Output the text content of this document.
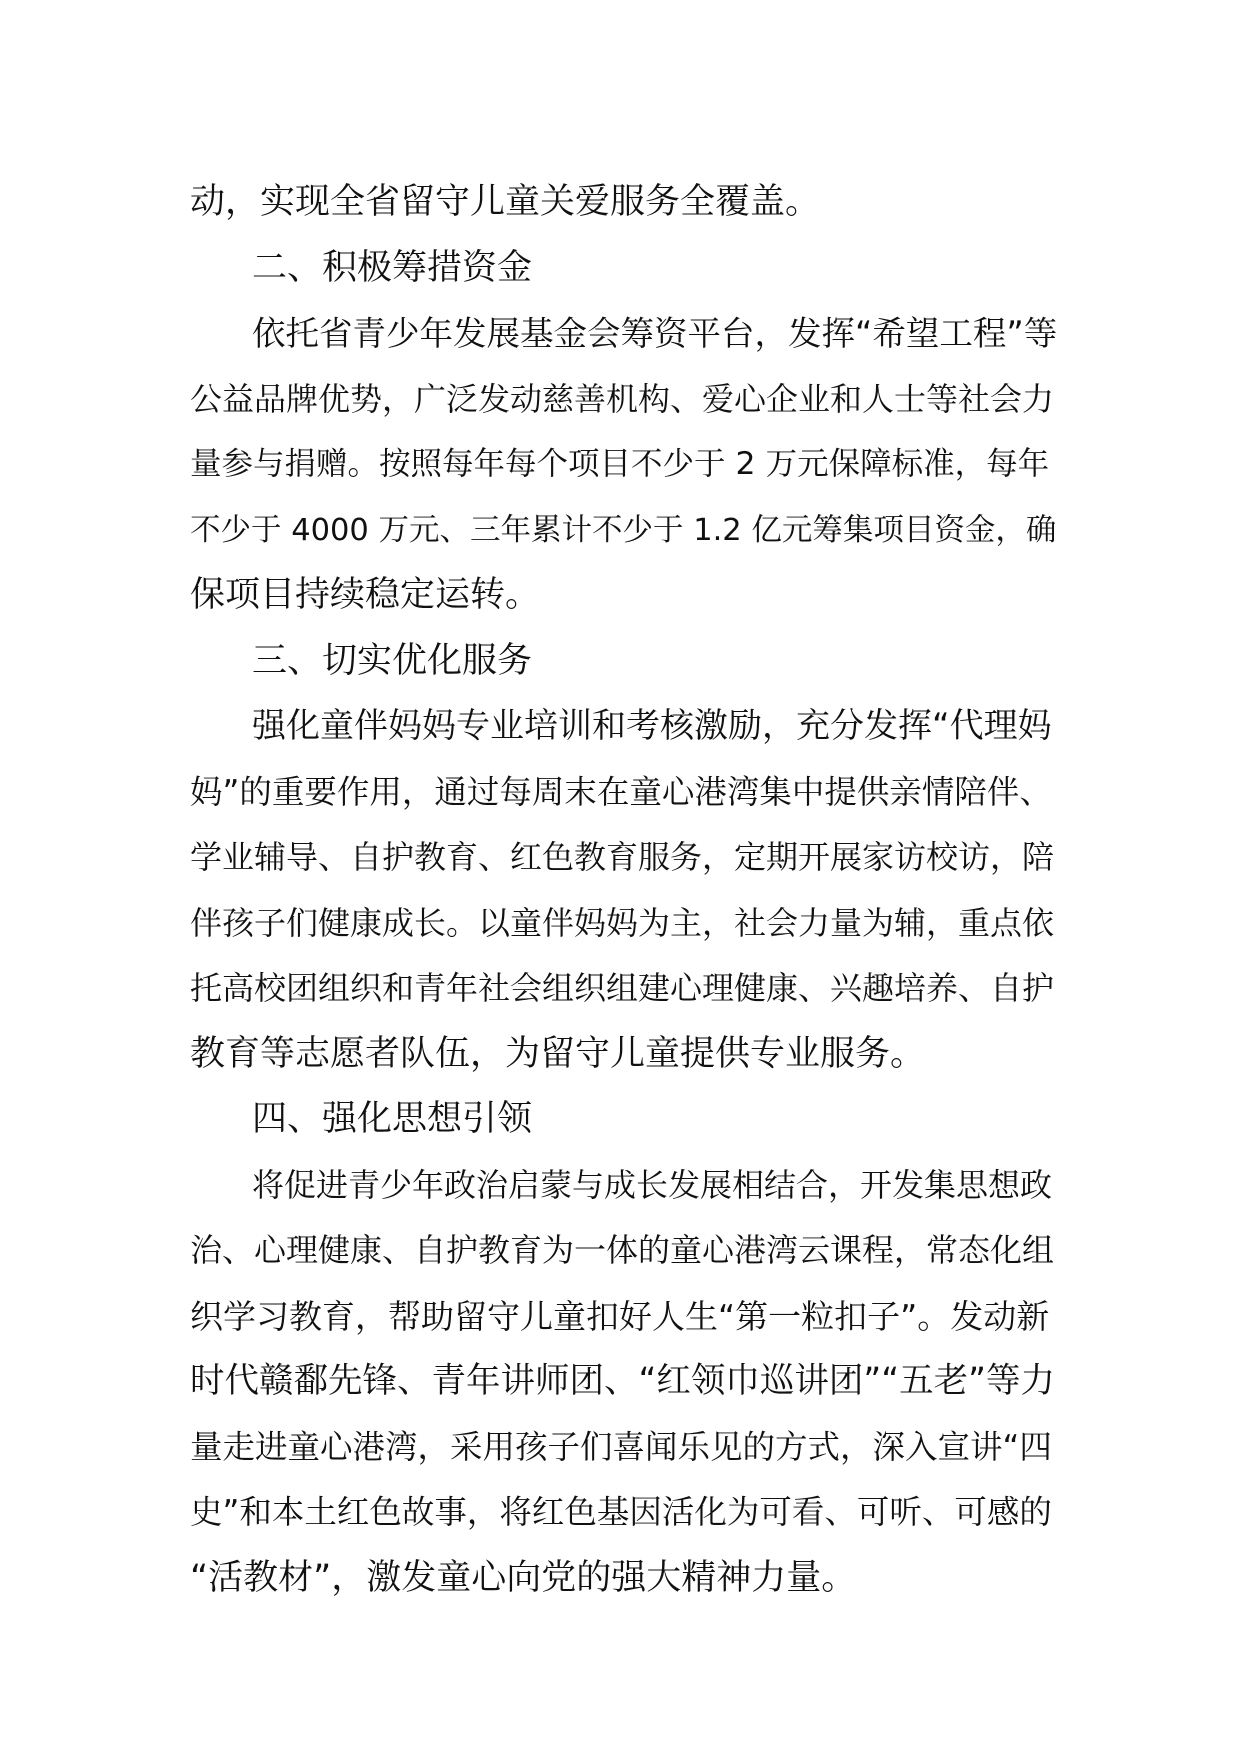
动，实现全省留守儿童关爱服务全覆盖。
二、积极筹措资金
依托省青少年发展基金会筹资平台，发挥“希望工程”等
公益品牌优势，广泛发动慈善机构、爱心企业和人士等社会力
量参与捐赠。按照每年每个项目不少于 2 万元保障标准，每年
不少于 4000 万元、三年累计不少于 1.2 亿元筹集项目资金，确
保项目持续稳定运转。
三、切实优化服务
强化童伴妈妈专业培训和考核激励，充分发挥“代理妈
妈”的重要作用，通过每周末在童心港湾集中提供亲情陪伴、
学业辅导、自护教育、红色教育服务，定期开展家访校访，陪
伴孩子们健康成长。以童伴妈妈为主，社会力量为辅，重点依
托高校团组织和青年社会组织组建心理健康、兴趣培养、自护
教育等志愿者队伍，为留守儿童提供专业服务。
四、强化思想引领
将促进青少年政治启蒙与成长发展相结合，开发集思想政
治、心理健康、自护教育为一体的童心港湾云课程，常态化组
织学习教育，帮助留守儿童扣好人生“第一粒扣子”。发动新
时代赣鄱先锋、青年讲师团、“红领巾巡讲团”“五老”等力
量走进童心港湾，采用孩子们喜闻乐见的方式，深入宣讲“四
史”和本土红色故事，将红色基因活化为可看、可听、可感的
“活教材”，激发童心向党的强大精神力量。
